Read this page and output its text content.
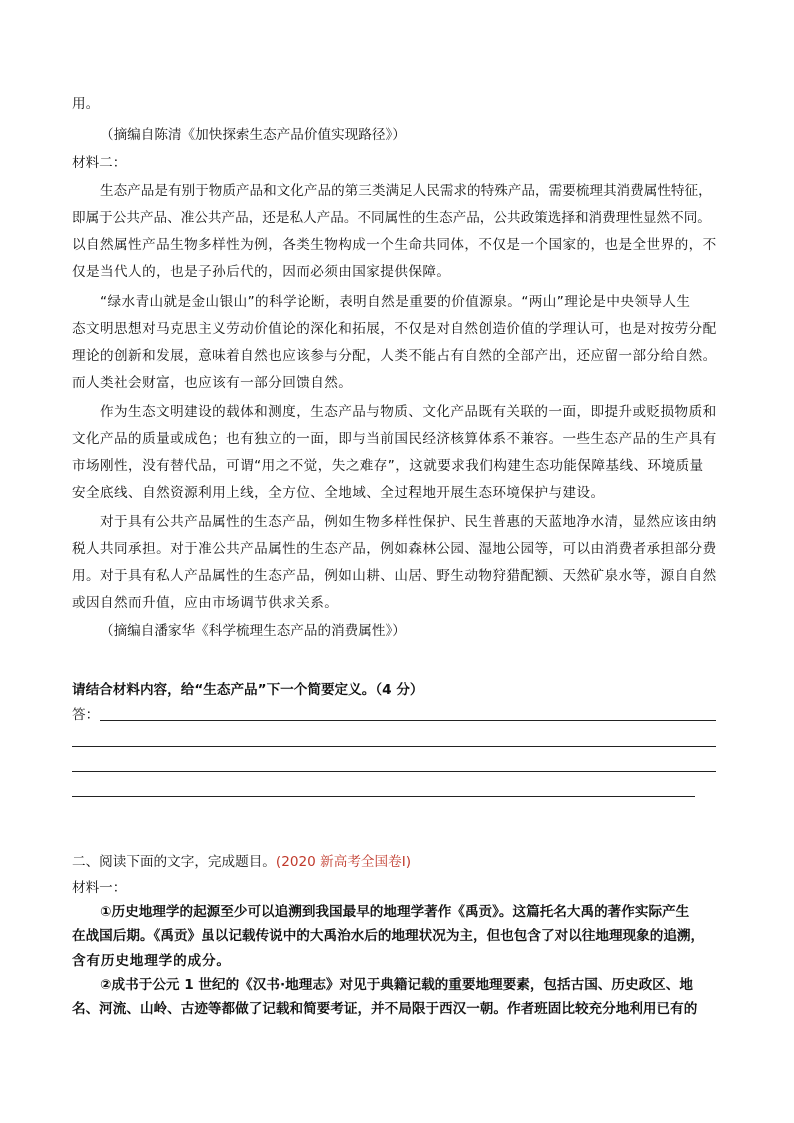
用。

（摘编自陈清《加快探索生态产品价值实现路径》）

材料二：

生态产品是有别于物质产品和文化产品的第三类满足人民需求的特殊产品，需要梳理其消费属性特征，

即属于公共产品、准公共产品，还是私人产品。不同属性的生态产品，公共政策选择和消费理性显然不同。

以自然属性产品生物多样性为例，各类生物构成一个生命共同体，不仅是一个国家的，也是全世界的，不

仅是当代人的，也是子孙后代的，因而必须由国家提供保障。

“绿水青山就是金山银山”的科学论断，表明自然是重要的价值源泉。“两山”理论是中央领导人生

态文明思想对马克思主义劳动价值论的深化和拓展，不仅是对自然创造价值的学理认可，也是对按劳分配

理论的创新和发展，意味着自然也应该参与分配，人类不能占有自然的全部产出，还应留一部分给自然。

而人类社会财富，也应该有一部分回馈自然。

作为生态文明建设的载体和测度，生态产品与物质、文化产品既有关联的一面，即提升或贬损物质和

文化产品的质量或成色；也有独立的一面，即与当前国民经济核算体系不兼容。一些生态产品的生产具有

市场刚性，没有替代品，可谓“用之不觉，失之难存”，这就要求我们构建生态功能保障基线、环境质量

安全底线、自然资源利用上线，全方位、全地域、全过程地开展生态环境保护与建设。

对于具有公共产品属性的生态产品，例如生物多样性保护、民生普惠的天蓝地净水清，显然应该由纳

税人共同承担。对于准公共产品属性的生态产品，例如森林公园、湿地公园等，可以由消费者承担部分费

用。对于具有私人产品属性的生态产品，例如山耕、山居、野生动物狩猎配额、天然矿泉水等，源自自然

或因自然而升值，应由市场调节供求关系。

（摘编自潘家华《科学梳理生态产品的消费属性》）

请结合材料内容，给“生态产品”下一个简要定义。（4 分）

答：

二、阅读下面的文字，完成题目。(2020 新高考全国卷Ⅰ)

材料一：

①历史地理学的起源至少可以追溯到我国最早的地理学著作《禹贡》。这篇托名大禹的著作实际产生

在战国后期。《禹贡》虽以记载传说中的大禹治水后的地理状况为主，但也包含了对以往地理现象的追溯，

含有历史地理学的成分。

②成书于公元 1 世纪的《汉书·地理志》对见于典籍记载的重要地理要素，包括古国、历史政区、地

名、河流、山岭、古迹等都做了记载和简要考证，并不局限于西汉一朝。作者班固比较充分地利用已有的
